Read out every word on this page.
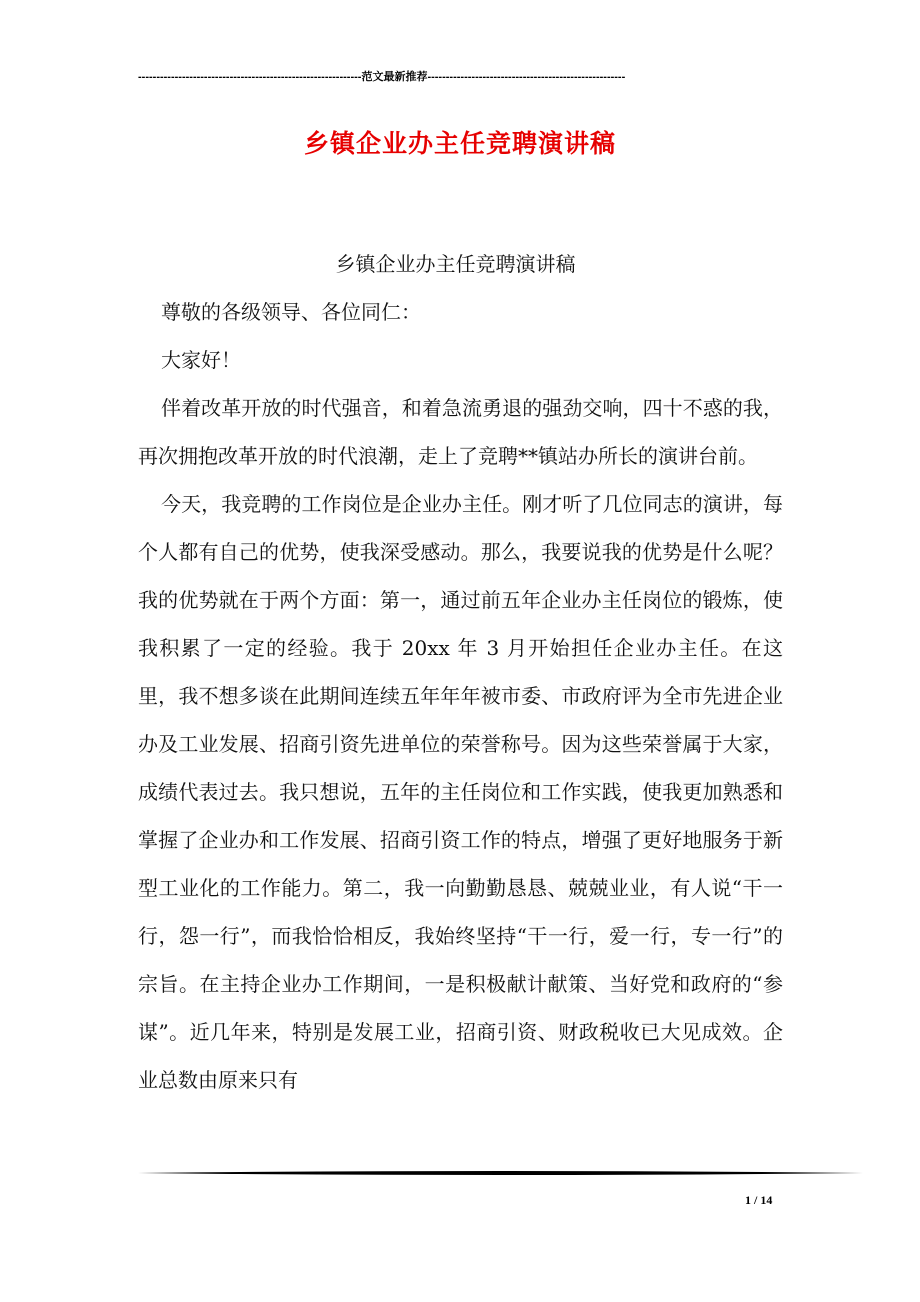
-------------------------------------------------------------范文最新推荐------------------------------------------------------
乡镇企业办主任竞聘演讲稿

乡镇企业办主任竞聘演讲稿

尊敬的各级领导、各位同仁：

大家好！

伴着改革开放的时代强音，和着急流勇退的强劲交响，四十不惑的我，再次拥抱改革开放的时代浪潮，走上了竞聘**镇站办所长的演讲台前。

今天，我竞聘的工作岗位是企业办主任。刚才听了几位同志的演讲，每个人都有自己的优势，使我深受感动。那么，我要说我的优势是什么呢？我的优势就在于两个方面：第一，通过前五年企业办主任岗位的锻炼，使我积累了一定的经验。我于 20xx 年 3 月开始担任企业办主任。在这里，我不想多谈在此期间连续五年年年被市委、市政府评为全市先进企业办及工业发展、招商引资先进单位的荣誉称号。因为这些荣誉属于大家，成绩代表过去。我只想说，五年的主任岗位和工作实践，使我更加熟悉和掌握了企业办和工作发展、招商引资工作的特点，增强了更好地服务于新型工业化的工作能力。第二，我一向勤勤恳恳、兢兢业业，有人说“干一行，怨一行”，而我恰恰相反，我始终坚持“干一行，爱一行，专一行”的宗旨。在主持企业办工作期间，一是积极献计献策、当好党和政府的“参谋”。近几年来，特别是发展工业，招商引资、财政税收已大见成效。企业总数由原来只有

1 / 14
